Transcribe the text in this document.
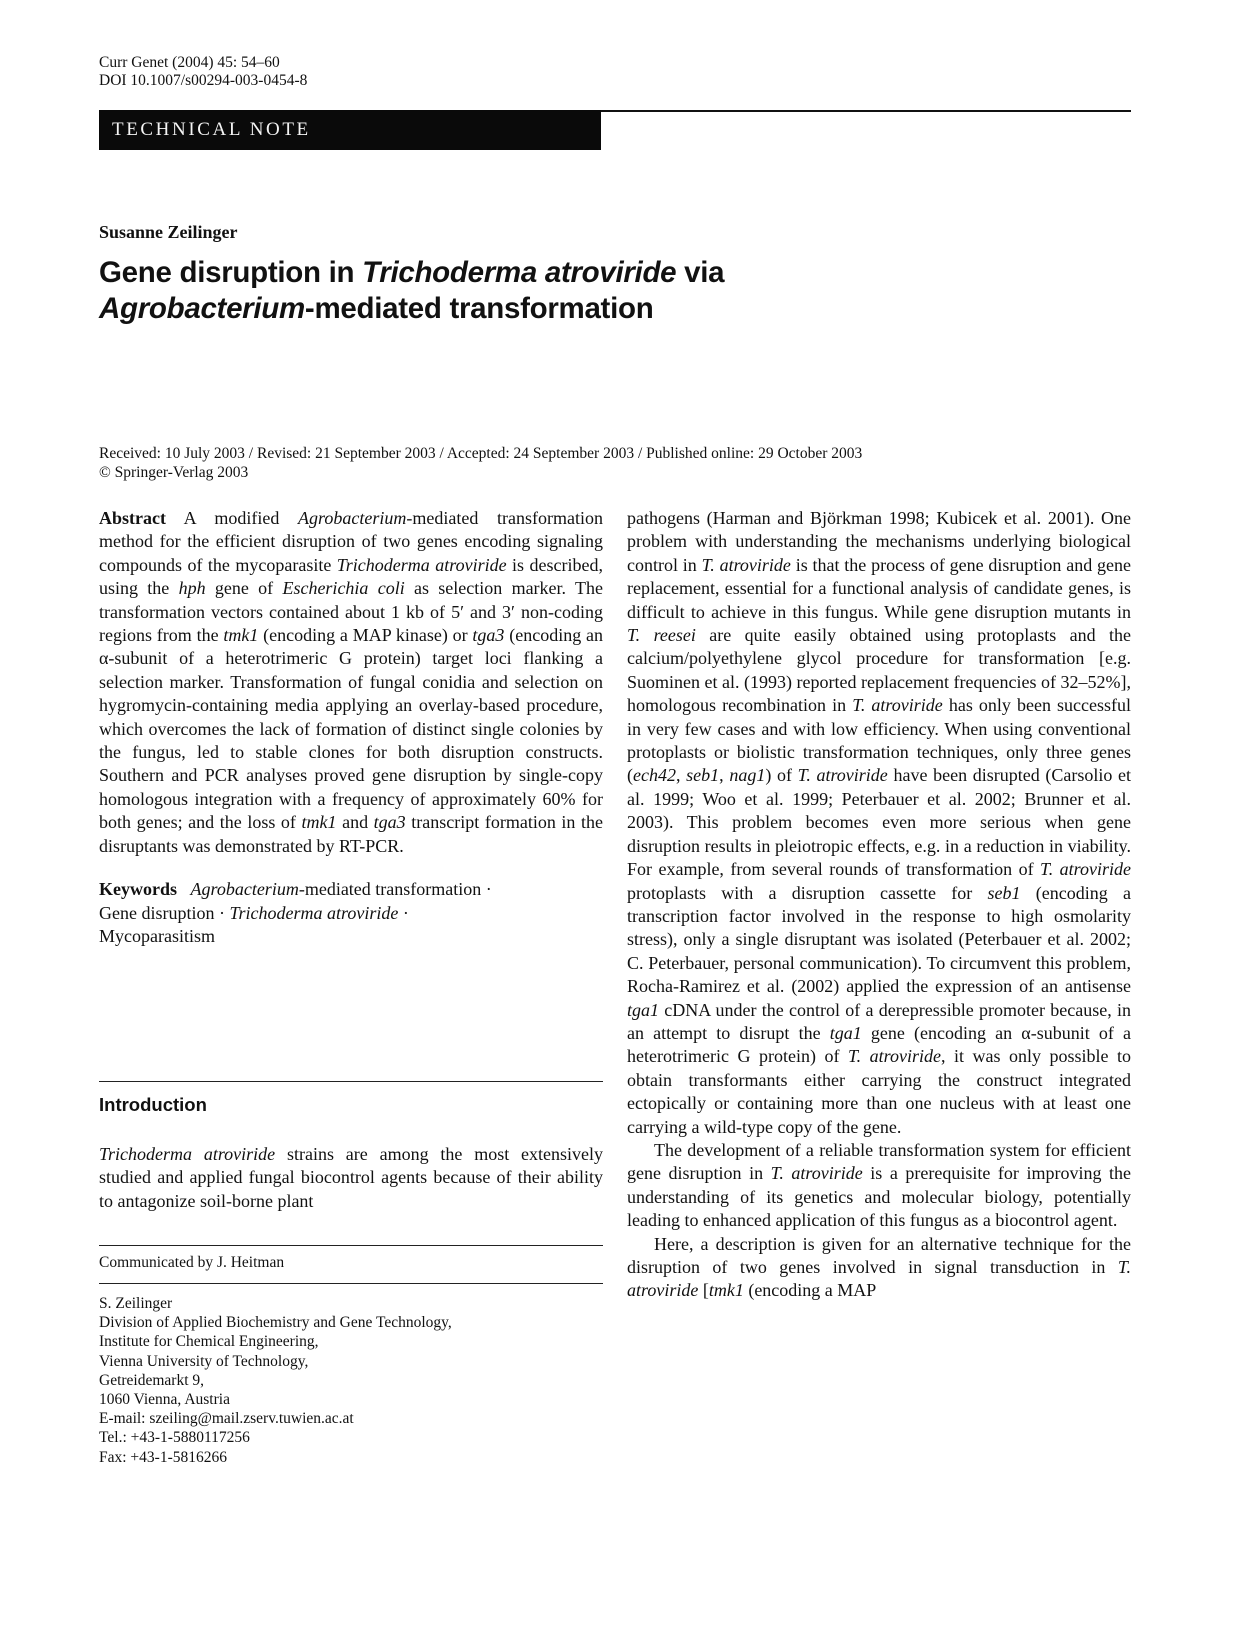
Curr Genet (2004) 45: 54–60
DOI 10.1007/s00294-003-0454-8
TECHNICAL NOTE
Susanne Zeilinger
Gene disruption in Trichoderma atroviride via
Agrobacterium-mediated transformation
Received: 10 July 2003 / Revised: 21 September 2003 / Accepted: 24 September 2003 / Published online: 29 October 2003
© Springer-Verlag 2003

Abstract A modified Agrobacterium-mediated transformation method for the efficient disruption of two genes encoding signaling compounds of the mycoparasite Trichoderma atroviride is described, using the hph gene of Escherichia coli as selection marker. The transformation vectors contained about 1 kb of 5′ and 3′ non-coding regions from the tmk1 (encoding a MAP kinase) or tga3 (encoding an α-subunit of a heterotrimeric G protein) target loci flanking a selection marker. Transformation of fungal conidia and selection on hygromycin-containing media applying an overlay-based procedure, which overcomes the lack of formation of distinct single colonies by the fungus, led to stable clones for both disruption constructs. Southern and PCR analyses proved gene disruption by single-copy homologous integration with a frequency of approximately 60% for both genes; and the loss of tmk1 and tga3 transcript formation in the disruptants was demonstrated by RT-PCR.

Keywords Agrobacterium-mediated transformation ·
Gene disruption · Trichoderma atroviride ·
Mycoparasitism

Introduction
Trichoderma atroviride strains are among the most extensively studied and applied fungal biocontrol agents because of their ability to antagonize soil-borne plant
Communicated by J. Heitman
S. Zeilinger
Division of Applied Biochemistry and Gene Technology,
Institute for Chemical Engineering,
Vienna University of Technology,
Getreidemarkt 9,
1060 Vienna, Austria
E-mail: szeiling@mail.zserv.tuwien.ac.at
Tel.: +43-1-5880117256
Fax: +43-1-5816266

pathogens (Harman and Björkman 1998; Kubicek et al. 2001). One problem with understanding the mechanisms underlying biological control in T. atroviride is that the process of gene disruption and gene replacement, essential for a functional analysis of candidate genes, is difficult to achieve in this fungus. While gene disruption mutants in T. reesei are quite easily obtained using protoplasts and the calcium/polyethylene glycol procedure for transformation [e.g. Suominen et al. (1993) reported replacement frequencies of 32–52%], homologous recombination in T. atroviride has only been successful in very few cases and with low efficiency. When using conventional protoplasts or biolistic transformation techniques, only three genes (ech42, seb1, nag1) of T. atroviride have been disrupted (Carsolio et al. 1999; Woo et al. 1999; Peterbauer et al. 2002; Brunner et al. 2003). This problem becomes even more serious when gene disruption results in pleiotropic effects, e.g. in a reduction in viability. For example, from several rounds of transformation of T. atroviride protoplasts with a disruption cassette for seb1 (encoding a transcription factor involved in the response to high osmolarity stress), only a single disruptant was isolated (Peterbauer et al. 2002; C. Peterbauer, personal communication). To circumvent this problem, Rocha-Ramirez et al. (2002) applied the expression of an antisense tga1 cDNA under the control of a derepressible promoter because, in an attempt to disrupt the tga1 gene (encoding an α-subunit of a heterotrimeric G protein) of T. atroviride, it was only possible to obtain transformants either carrying the construct integrated ectopically or containing more than one nucleus with at least one carrying a wild-type copy of the gene.

The development of a reliable transformation system for efficient gene disruption in T. atroviride is a prerequisite for improving the understanding of its genetics and molecular biology, potentially leading to enhanced application of this fungus as a biocontrol agent.

Here, a description is given for an alternative technique for the disruption of two genes involved in signal transduction in T. atroviride [tmk1 (encoding a MAP
